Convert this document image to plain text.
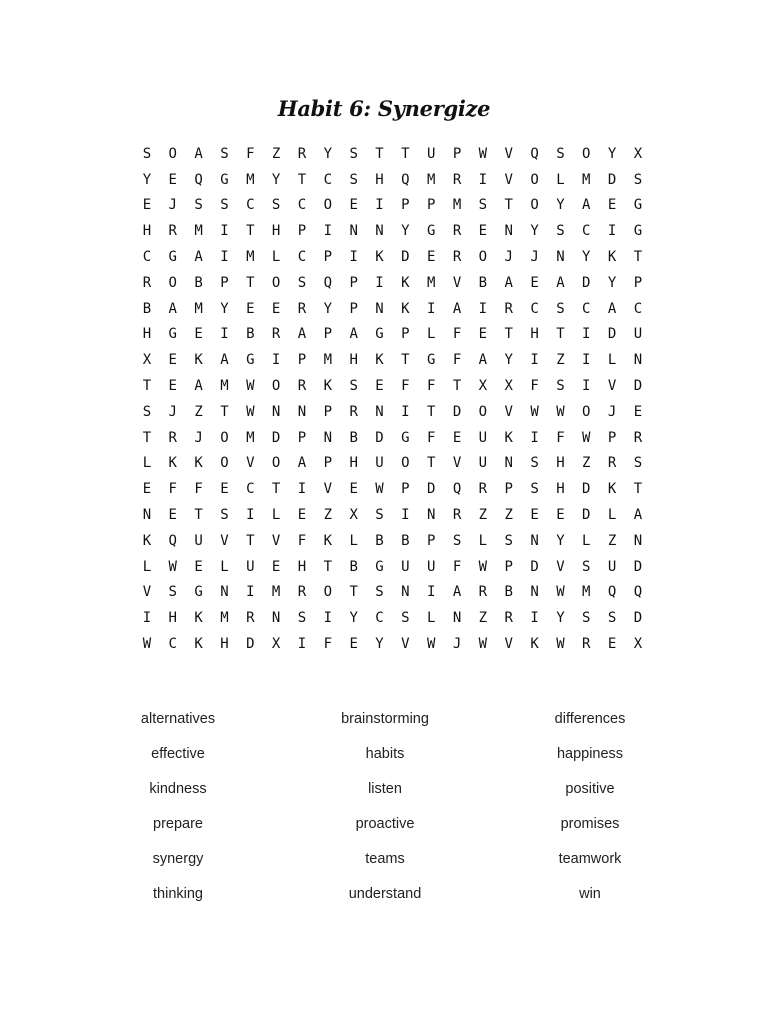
Habit 6: Synergize
S	O	A	S	F	Z	R	Y	S	T	T	U	P	W	V	Q	S	O	Y	X
Y	E	Q	G	M	Y	T	C	S	H	Q	M	R	I	V	O	L	M	D	S
E	J	S	S	C	S	C	O	E	I	P	P	M	S	T	O	Y	A	E	G
H	R	M	I	T	H	P	I	N	N	Y	G	R	E	N	Y	S	C	I	G
C	G	A	I	M	L	C	P	I	K	D	E	R	O	J	J	N	Y	K	T
R	O	B	P	T	O	S	Q	P	I	K	M	V	B	A	E	A	D	Y	P
B	A	M	Y	E	E	R	Y	P	N	K	I	A	I	R	C	S	C	A	C
H	G	E	I	B	R	A	P	A	G	P	L	F	E	T	H	T	I	D	U
X	E	K	A	G	I	P	M	H	K	T	G	F	A	Y	I	Z	I	L	N
T	E	A	M	W	O	R	K	S	E	F	F	T	X	X	F	S	I	V	D
S	J	Z	T	W	N	N	P	R	N	I	T	D	O	V	W	W	O	J	E
T	R	J	O	M	D	P	N	B	D	G	F	E	U	K	I	F	W	P	R
L	K	K	O	V	O	A	P	H	U	O	T	V	U	N	S	H	Z	R	S
E	F	F	E	C	T	I	V	E	W	P	D	Q	R	P	S	H	D	K	T
N	E	T	S	I	L	E	Z	X	S	I	N	R	Z	Z	E	E	D	L	A
K	Q	U	V	T	V	F	K	L	B	B	P	S	L	S	N	Y	L	Z	N
L	W	E	L	U	E	H	T	B	G	U	U	F	W	P	D	V	S	U	D
V	S	G	N	I	M	R	O	T	S	N	I	A	R	B	N	W	M	Q	Q
I	H	K	M	R	N	S	I	Y	C	S	L	N	Z	R	I	Y	S	S	D
W	C	K	H	D	X	I	F	E	Y	V	W	J	W	V	K	W	R	E	X
alternatives	brainstorming	differences
effective	habits	happiness
kindness	listen	positive
prepare	proactive	promises
synergy	teams	teamwork
thinking	understand	win
